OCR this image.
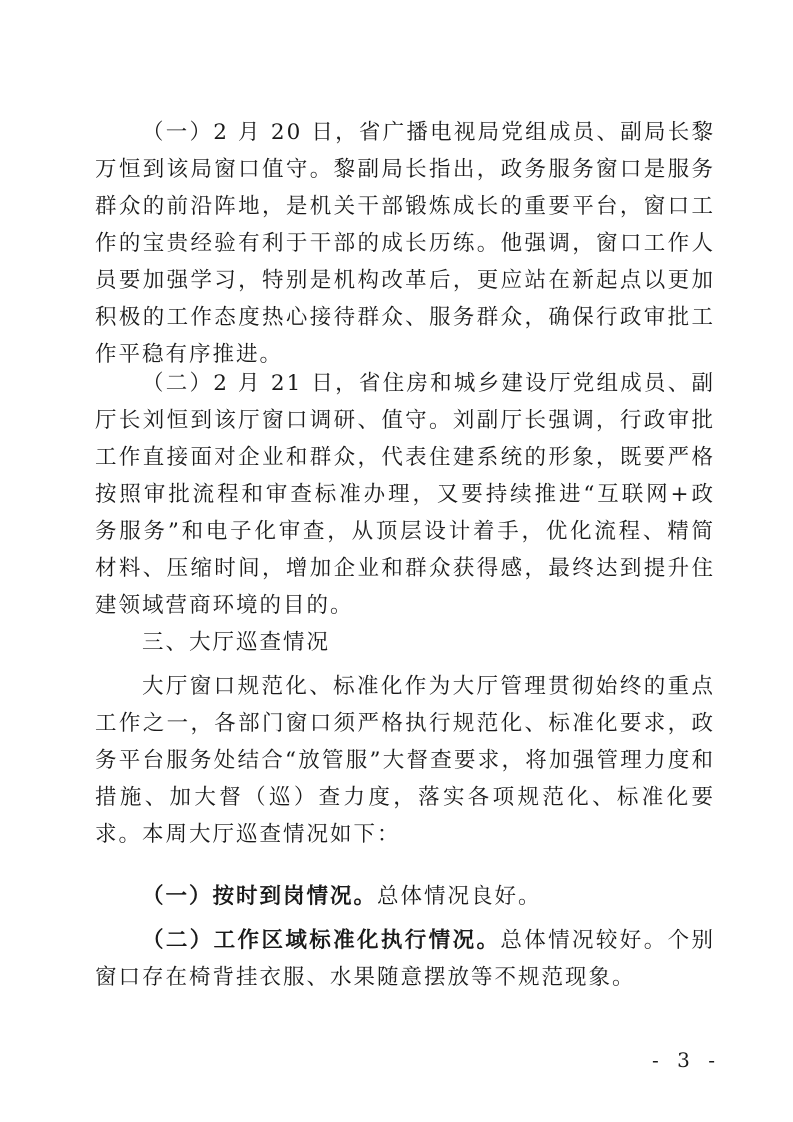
（一）2 月 20 日，省广播电视局党组成员、副局长黎万恒到该局窗口值守。黎副局长指出，政务服务窗口是服务群众的前沿阵地，是机关干部锻炼成长的重要平台，窗口工作的宝贵经验有利于干部的成长历练。他强调，窗口工作人员要加强学习，特别是机构改革后，更应站在新起点以更加积极的工作态度热心接待群众、服务群众，确保行政审批工作平稳有序推进。
（二）2 月 21 日，省住房和城乡建设厅党组成员、副厅长刘恒到该厅窗口调研、值守。刘副厅长强调，行政审批工作直接面对企业和群众，代表住建系统的形象，既要严格按照审批流程和审查标准办理，又要持续推进“互联网+政务服务”和电子化审查，从顶层设计着手，优化流程、精简材料、压缩时间，增加企业和群众获得感，最终达到提升住建领域营商环境的目的。
三、大厅巡查情况
大厅窗口规范化、标准化作为大厅管理贯彻始终的重点工作之一，各部门窗口须严格执行规范化、标准化要求，政务平台服务处结合“放管服”大督查要求，将加强管理力度和措施、加大督（巡）查力度，落实各项规范化、标准化要求。本周大厅巡查情况如下：
（一）按时到岗情况。总体情况良好。
（二）工作区域标准化执行情况。总体情况较好。个别窗口存在椅背挂衣服、水果随意摆放等不规范现象。
- 3 -
